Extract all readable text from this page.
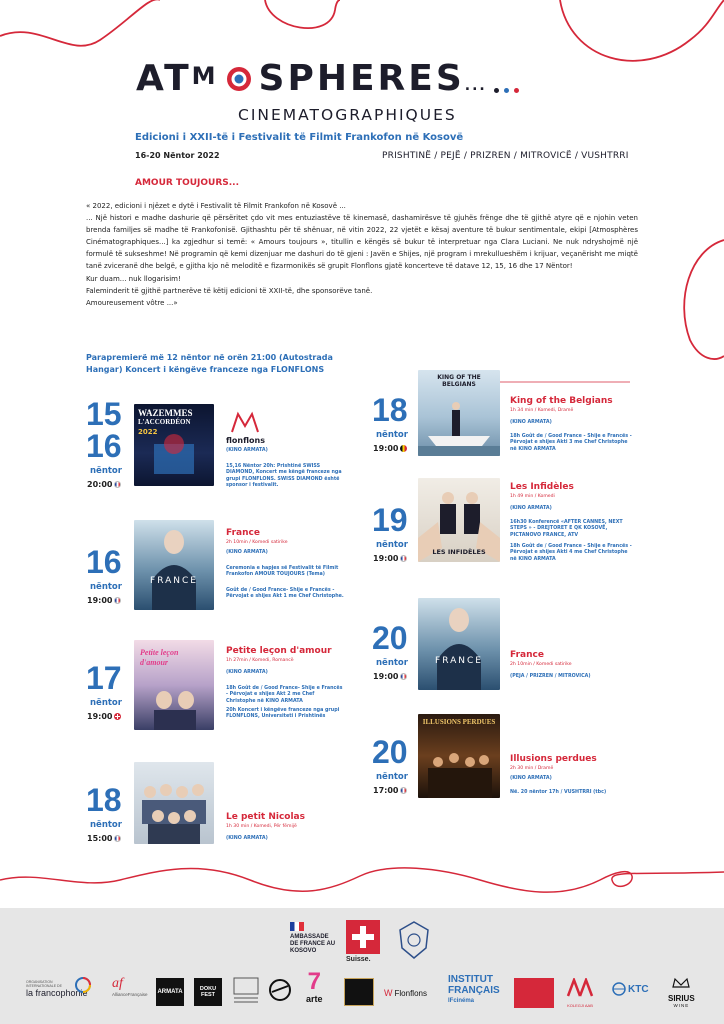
ATM SPHERES...
CINEMATOGRAPHIQUES
Edicioni i XXII-të i Festivalit të Filmit Frankofon në Kosovë
16-20 Nëntor 2022	PRISHTINË / PEJË / PRIZREN / MITROVICË / VUSHTRRI
AMOUR TOUJOURS...

« 2022, edicioni i njëzet e dytë i Festivalit të Filmit Frankofon në Kosovë ...

... Një histori e madhe dashurie që përsëritet çdo vit mes entuziastëve të kinemasë, dashamirësve të gjuhës frënge dhe të gjithë atyre që e njohin veten brenda familjes së madhe të Frankofonisë. Gjithashtu për të shënuar, në vitin 2022, 22 vjetët e kësaj aventure të bukur sentimentale, ekipi [Atmosphères Cinématographiques...] ka zgjedhur si temë: « Amours toujours », titullin e këngës së bukur të interpretuar nga Clara Luciani. Ne nuk ndryshojmë një formulë të sukseshme! Në programin që kemi dizenjuar me dashuri do të gjeni : Javën e Shijes, një program i mrekullueshëm i krijuar, veçanërisht me miqtë tanë zviceranë dhe belgë, e gjitha kjo në meloditë e fizarmonikës së grupit Flonflons gjatë koncerteve të datave 12, 15, 16 dhe 17 Nëntor!

Kur duam... nuk llogarisim!

Faleminderit të gjithë partnerëve të këtij edicioni të XXII-të, dhe sponsorëve tanë.

Amoureusement vôtre ...»

Parapremierë më 12 nëntor në orën 21:00 (Autostrada Hangar) Koncert i këngëve franceze nga FLONFLONS
15
16
nëntor
20:00
WAZEMMES
L'ACCORDÉON
2022
flonflons
(KINO ARMATA)
15,16 Nëntor 20h: Prishtinë SWISS DIAMOND, Koncert me këngë franceze nga grupi FLONFLONS. SWISS DIAMOND është sponsor i festivalit.
16
nëntor
19:00
FRANCE
France
2h 10min / Komedi satirike
(KINO ARMATA)
Ceremonia e hapjes së Festivalit të Filmit Frankofon AMOUR TOUJOURS (Tema)
Goût de / Good France- Shije e Francës - Përvojat e shijes Akt 1 me Chef Christophe.
17
nëntor
19:00
Petite leçon d'amour
Petite leçon d'amour
1h 27min / Komedi, Romancë
(KINO ARMATA)
18h Goût de / Good France- Shije e Francës - Përvojat e shijes Akt 2 me Chef Christophe në KINO ARMATA
20h Koncert i këngëve franceze nga grupi FLONFLONS, Universiteti i Prishtinës
18
nëntor
15:00
Le petit Nicolas
1h 30 min / Komedi, Për fëmijë
(KINO ARMATA)
18
nëntor
19:00
KING OF THE BELGIANS
King of the Belgians
1h 34 min / Komedi, Dramë
(KINO ARMATA)
18h Goût de / Good France - Shije e Francës - Përvojat e shijes Akti 3 me Chef Christophe në KINO ARMATA
19
nëntor
19:00
LES INFIDÈLES
Les Infidèles
1h 49 min / Komedi
(KINO ARMATA)
16h30 Konferencë «AFTER CANNES, NEXT STEPS » - DREJTORET E QK KOSOVË, PICTANOVO FRANCE, ATV
18h Goût de / Good France - Shije e Francës - Përvojat e shijes Akti 4 me Chef Christophe në KINO ARMATA
20
nëntor
19:00
FRANCE
France
2h 10min / Komedi satirike
(PEJA / PRIZREN / MITROVICA)
20
nëntor
17:00
ILLUSIONS PERDUES
Illusions perdues
2h 30 min / Dramë
(KINO ARMATA)
Në. 20 nëntor 17h / VUSHTRRI (tbc)
AMBASSADE DE FRANCE AU KOSOVO
Suisse.
ORGANISATION INTERNATIONALE DE
la francophonie
af
AllianceFrançaise ARMATA	DOKU FEST	7
arte
W Flonflons
INSTITUT
FRANÇAIS
IFcinéma
KOLEGJI AAB
KTC
SIRIUS
WINE
